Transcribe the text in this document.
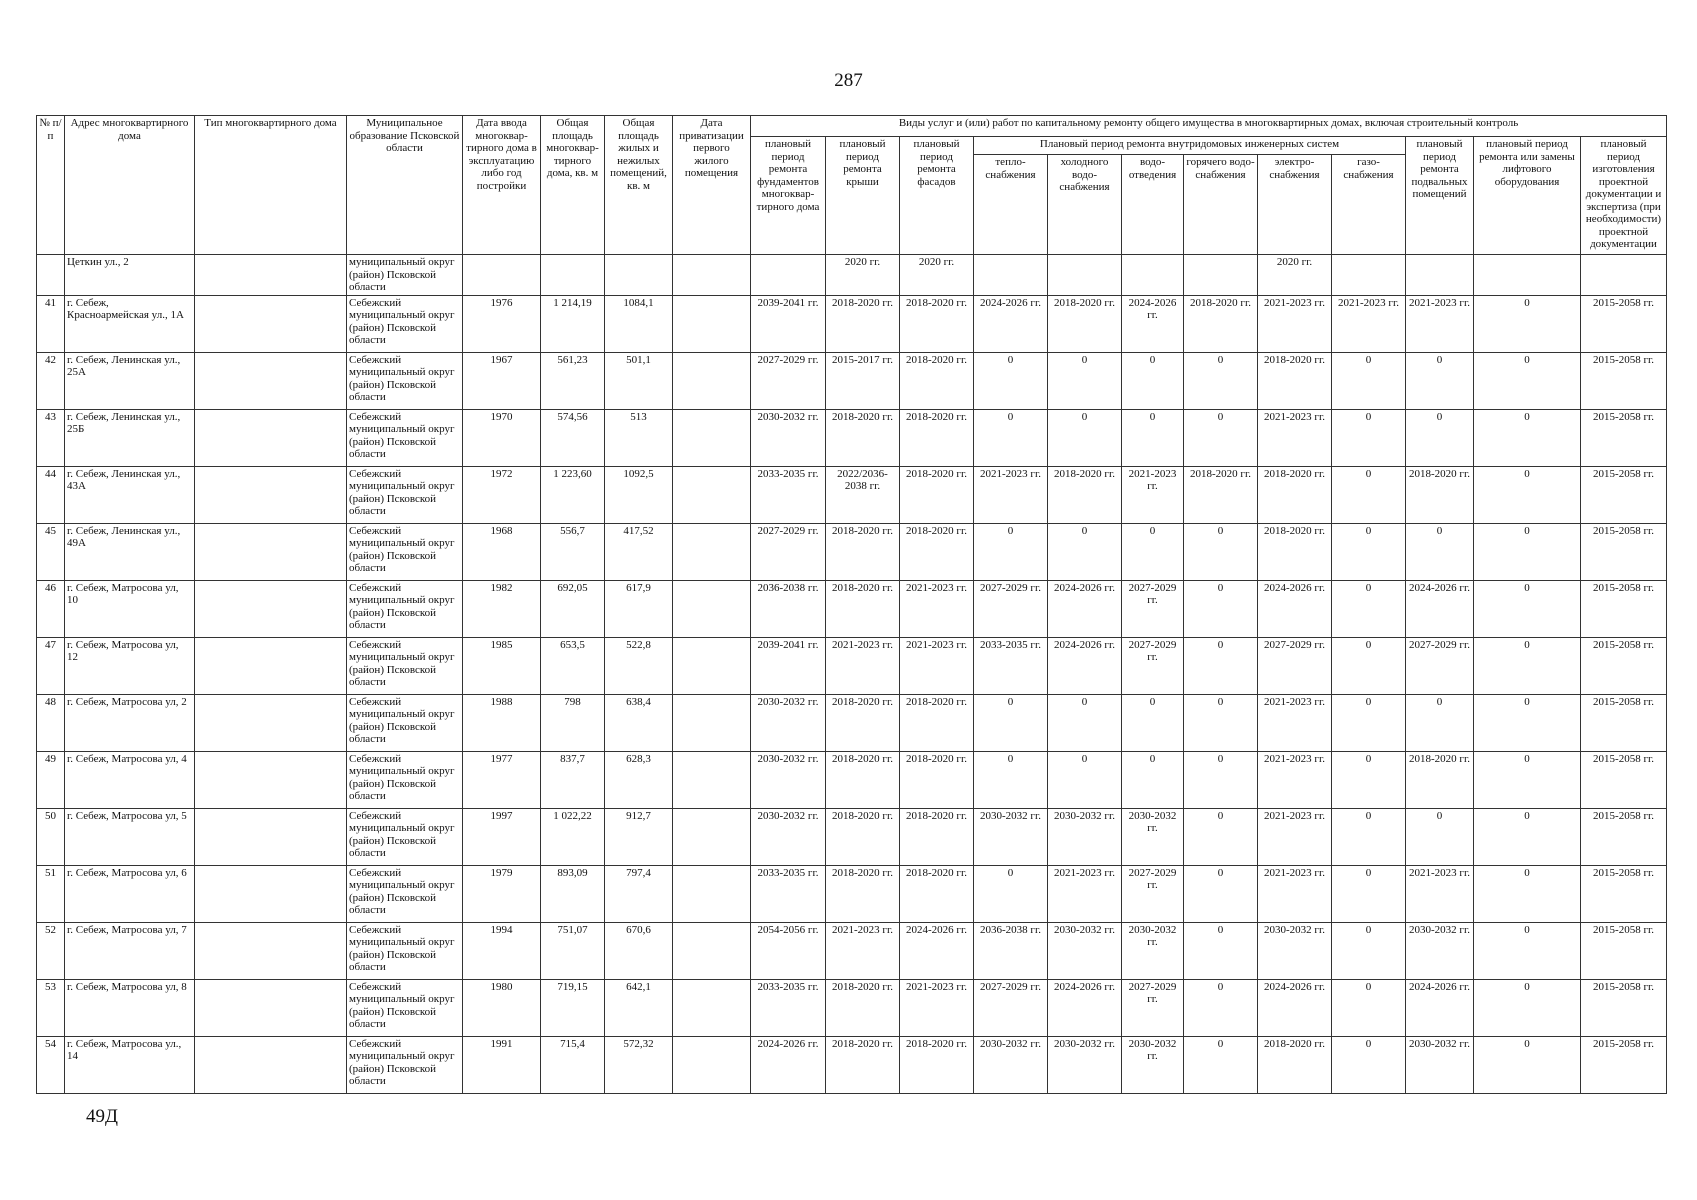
287
№ п/п	Адрес многоквартирного дома	Тип многоквартирного дома	Муниципальное образование Псковской области	Дата ввода многоквар-тирного дома в эксплуатацию либо год постройки	Общая площадь многоквар-тирного дома, кв. м	Общая площадь жилых и нежилых помещений, кв. м	Дата приватизации первого жилого помещения	Виды услуг и (или) работ по капитальному ремонту общего имущества в многоквартирных домах, включая строительный контроль											
								плановый период ремонта фундаментов многоквар-тирного дома	плановый период ремонта крыши	плановый период ремонта фасадов	Плановый период ремонта внутридомовых инженерных систем						плановый период ремонта подвальных помещений	плановый период ремонта или замены лифтового оборудования	плановый период изготовления проектной документации и экспертиза (при необходимости) проектной документации
											тепло-снабжения	холодного водо-снабжения	водо-отведения	горячего водо-снабжения	электро-снабжения	газо-снабжения			
	Цеткин ул., 2		муниципальный округ (район) Псковской области						2020 гг.	2020 гг.					2020 гг.				
41	г. Себеж, Красноармейская ул., 1А		Себежский муниципальный округ (район) Псковской области	1976	1 214,19	1084,1		2039-2041 гг.	2018-2020 гг.	2018-2020 гг.	2024-2026 гг.	2018-2020 гг.	2024-2026 гг.	2018-2020 гг.	2021-2023 гг.	2021-2023 гг.	2021-2023 гг.	0	2015-2058 гг.
42	г. Себеж, Ленинская ул., 25А		Себежский муниципальный округ (район) Псковской области	1967	561,23	501,1		2027-2029 гг.	2015-2017 гг.	2018-2020 гг.	0	0	0	0	2018-2020 гг.	0	0	0	2015-2058 гг.
43	г. Себеж, Ленинская ул., 25Б		Себежский муниципальный округ (район) Псковской области	1970	574,56	513		2030-2032 гг.	2018-2020 гг.	2018-2020 гг.	0	0	0	0	2021-2023 гг.	0	0	0	2015-2058 гг.
44	г. Себеж, Ленинская ул., 43А		Себежский муниципальный округ (район) Псковской области	1972	1 223,60	1092,5		2033-2035 гг.	2022/2036-2038 гг.	2018-2020 гг.	2021-2023 гг.	2018-2020 гг.	2021-2023 гг.	2018-2020 гг.	2018-2020 гг.	0	2018-2020 гг.	0	2015-2058 гг.
45	г. Себеж, Ленинская ул., 49А		Себежский муниципальный округ (район) Псковской области	1968	556,7	417,52		2027-2029 гг.	2018-2020 гг.	2018-2020 гг.	0	0	0	0	2018-2020 гг.	0	0	0	2015-2058 гг.
46	г. Себеж, Матросова ул, 10		Себежский муниципальный округ (район) Псковской области	1982	692,05	617,9		2036-2038 гг.	2018-2020 гг.	2021-2023 гг.	2027-2029 гг.	2024-2026 гг.	2027-2029 гг.	0	2024-2026 гг.	0	2024-2026 гг.	0	2015-2058 гг.
47	г. Себеж, Матросова ул, 12		Себежский муниципальный округ (район) Псковской области	1985	653,5	522,8		2039-2041 гг.	2021-2023 гг.	2021-2023 гг.	2033-2035 гг.	2024-2026 гг.	2027-2029 гг.	0	2027-2029 гг.	0	2027-2029 гг.	0	2015-2058 гг.
48	г. Себеж, Матросова ул, 2		Себежский муниципальный округ (район) Псковской области	1988	798	638,4		2030-2032 гг.	2018-2020 гг.	2018-2020 гг.	0	0	0	0	2021-2023 гг.	0	0	0	2015-2058 гг.
49	г. Себеж, Матросова ул, 4		Себежский муниципальный округ (район) Псковской области	1977	837,7	628,3		2030-2032 гг.	2018-2020 гг.	2018-2020 гг.	0	0	0	0	2021-2023 гг.	0	2018-2020 гг.	0	2015-2058 гг.
50	г. Себеж, Матросова ул, 5		Себежский муниципальный округ (район) Псковской области	1997	1 022,22	912,7		2030-2032 гг.	2018-2020 гг.	2018-2020 гг.	2030-2032 гг.	2030-2032 гг.	2030-2032 гг.	0	2021-2023 гг.	0	0	0	2015-2058 гг.
51	г. Себеж, Матросова ул, 6		Себежский муниципальный округ (район) Псковской области	1979	893,09	797,4		2033-2035 гг.	2018-2020 гг.	2018-2020 гг.	0	2021-2023 гг.	2027-2029 гг.	0	2021-2023 гг.	0	2021-2023 гг.	0	2015-2058 гг.
52	г. Себеж, Матросова ул, 7		Себежский муниципальный округ (район) Псковской области	1994	751,07	670,6		2054-2056 гг.	2021-2023 гг.	2024-2026 гг.	2036-2038 гг.	2030-2032 гг.	2030-2032 гг.	0	2030-2032 гг.	0	2030-2032 гг.	0	2015-2058 гг.
53	г. Себеж, Матросова ул, 8		Себежский муниципальный округ (район) Псковской области	1980	719,15	642,1		2033-2035 гг.	2018-2020 гг.	2021-2023 гг.	2027-2029 гг.	2024-2026 гг.	2027-2029 гг.	0	2024-2026 гг.	0	2024-2026 гг.	0	2015-2058 гг.
54	г. Себеж, Матросова ул., 14		Себежский муниципальный округ (район) Псковской области	1991	715,4	572,32		2024-2026 гг.	2018-2020 гг.	2018-2020 гг.	2030-2032 гг.	2030-2032 гг.	2030-2032 гг.	0	2018-2020 гг.	0	2030-2032 гг.	0	2015-2058 гг.
49Д
